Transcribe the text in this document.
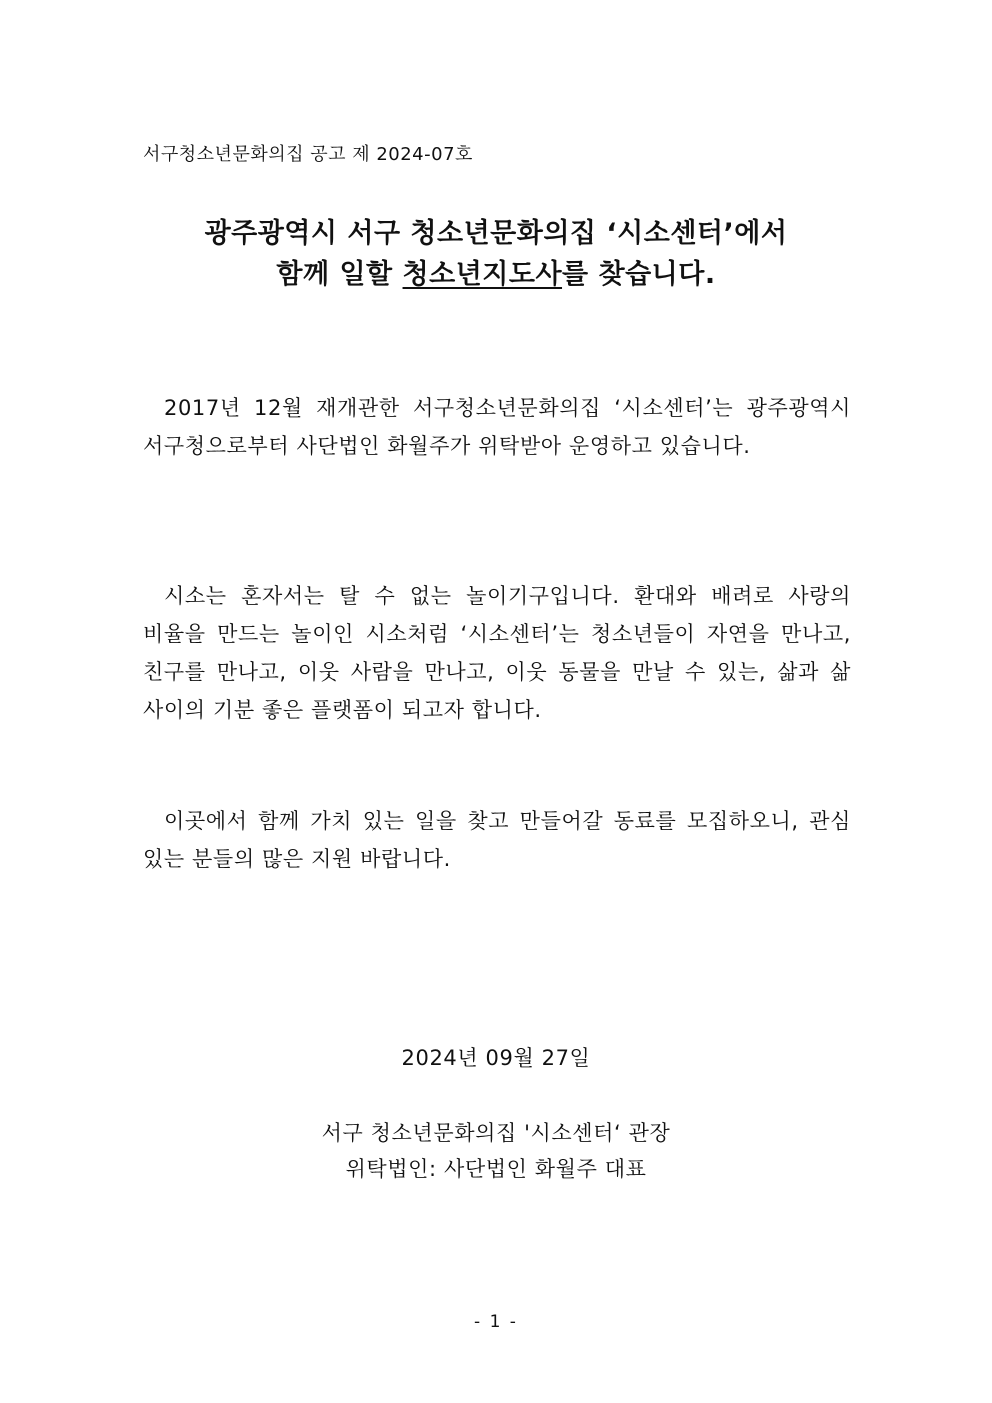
서구청소년문화의집 공고 제 2024-07호
광주광역시 서구 청소년문화의집 ‘시소센터’에서
함께 일할 청소년지도사를 찾습니다.

2017년 12월 재개관한 서구청소년문화의집 ‘시소센터’는 광주광역시 서구청으로부터 사단법인 화월주가 위탁받아 운영하고 있습니다.

시소는 혼자서는 탈 수 없는 놀이기구입니다. 환대와 배려로 사랑의 비율을 만드는 놀이인 시소처럼 ‘시소센터’는 청소년들이 자연을 만나고, 친구를 만나고, 이웃 사람을 만나고, 이웃 동물을 만날 수 있는, 삶과 삶 사이의 기분 좋은 플랫폼이 되고자 합니다.

이곳에서 함께 가치 있는 일을 찾고 만들어갈 동료를 모집하오니, 관심 있는 분들의 많은 지원 바랍니다.

2024년 09월 27일
서구 청소년문화의집 '시소센터‘ 관장
위탁법인: 사단법인 화월주 대표
- 1 -
